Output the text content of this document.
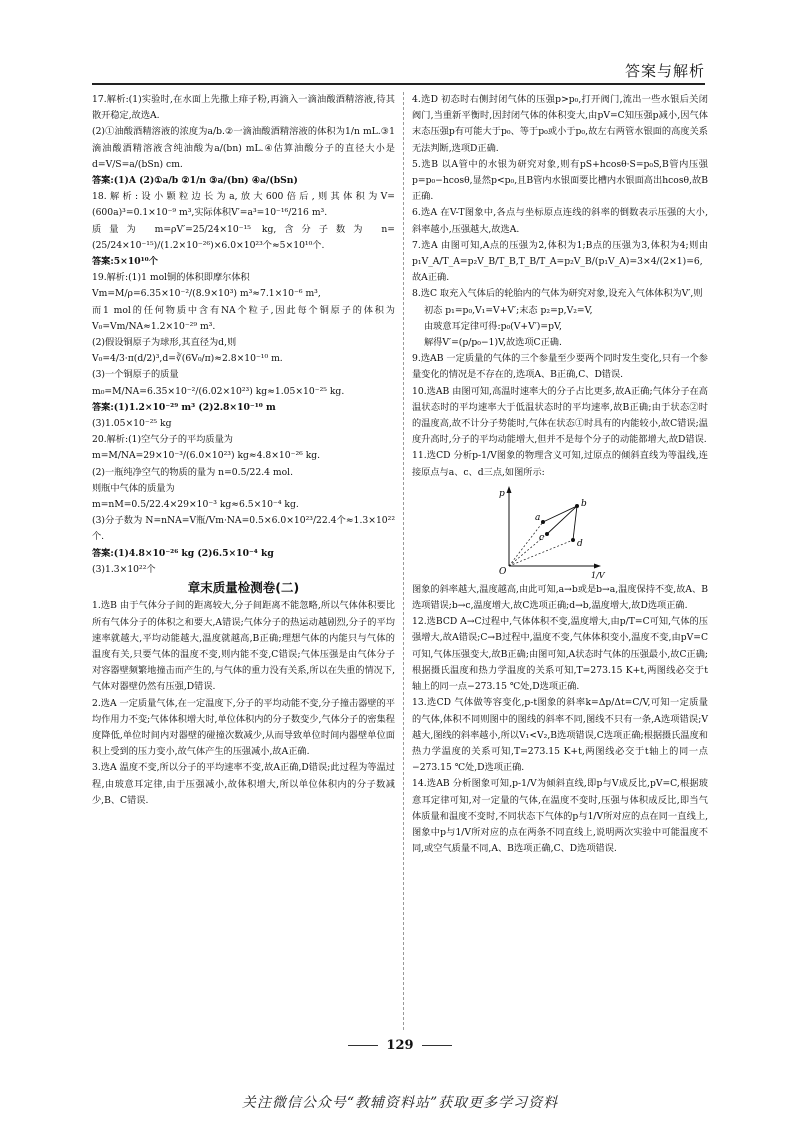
答案与解析

17.解析:(1)实验时,在水面上先撒上痱子粉,再滴入一滴油酸酒精溶液,待其散开稳定,故选A.

(2)①油酸酒精溶液的浓度为a/b.②一滴油酸酒精溶液的体积为1/n mL.③1滴油酸酒精溶液含纯油酸为a/(bn) mL.④估算油酸分子的直径大小是d=V/S=a/(bSn) cm.

答案:(1)A (2)①a/b ②1/n ③a/(bn) ④a/(bSn)

18.解析:设小颗粒边长为a,放大600倍后,则其体积为V=(600a)³=0.1×10⁻⁹ m³,实际体积V′=a³=10⁻¹⁶/216 m³.

质量为 m=ρV′=25/24×10⁻¹⁵ kg,含分子数为 n=(25/24×10⁻¹⁵)/(1.2×10⁻²⁶)×6.0×10²³个≈5×10¹⁰个.

答案:5×10¹⁰个

19.解析:(1)1 mol铜的体积即摩尔体积

Vm=M/ρ=6.35×10⁻²/(8.9×10³) m³≈7.1×10⁻⁶ m³,

而1 mol的任何物质中含有NA个粒子,因此每个铜原子的体积为V₀=Vm/NA≈1.2×10⁻²⁹ m³.

(2)假设铜原子为球形,其直径为d,则

V₀=4/3·π(d/2)³,d=∛(6V₀/π)≈2.8×10⁻¹⁰ m.

(3)一个铜原子的质量

m₀=M/NA=6.35×10⁻²/(6.02×10²³) kg≈1.05×10⁻²⁵ kg.

答案:(1)1.2×10⁻²⁹ m³ (2)2.8×10⁻¹⁰ m

(3)1.05×10⁻²⁵ kg

20.解析:(1)空气分子的平均质量为

m=M/NA=29×10⁻³/(6.0×10²³) kg≈4.8×10⁻²⁶ kg.

(2)一瓶纯净空气的物质的量为 n=0.5/22.4 mol.

则瓶中气体的质量为

m=nM=0.5/22.4×29×10⁻³ kg≈6.5×10⁻⁴ kg.

(3)分子数为 N=nNA=V瓶/Vm·NA=0.5×6.0×10²³/22.4个≈1.3×10²²个.

答案:(1)4.8×10⁻²⁶ kg (2)6.5×10⁻⁴ kg

(3)1.3×10²²个

章末质量检测卷(二)

1.选B 由于气体分子间的距离较大,分子间距离不能忽略,所以气体体积要比所有气体分子的体积之和要大,A错误;气体分子的热运动越剧烈,分子的平均速率就越大,平均动能越大,温度就越高,B正确;理想气体的内能只与气体的温度有关,只要气体的温度不变,则内能不变,C错误;气体压强是由气体分子对容器壁频繁地撞击而产生的,与气体的重力没有关系,所以在失重的情况下,气体对器壁仍然有压强,D错误.

2.选A 一定质量气体,在一定温度下,分子的平均动能不变,分子撞击器壁的平均作用力不变;气体体积增大时,单位体积内的分子数变少,气体分子的密集程度降低,单位时间内对器壁的碰撞次数减少,从而导致单位时间内器壁单位面积上受到的压力变小,故气体产生的压强减小,故A正确.

3.选A 温度不变,所以分子的平均速率不变,故A正确,D错误;此过程为等温过程,由玻意耳定律,由于压强减小,故体积增大,所以单位体积内的分子数减少,B、C错误.

4.选D 初态时右侧封闭气体的压强p>p₀,打开阀门,流出一些水银后关闭阀门,当重新平衡时,因封闭气体的体积变大,由pV=C知压强p减小,因气体末态压强p有可能大于p₀、等于p₀或小于p₀,故左右两管水银面的高度关系无法判断,选项D正确.

5.选B 以A管中的水银为研究对象,则有pS+hcosθ·S=p₀S,B管内压强p=p₀−hcosθ,显然p<p₀,且B管内水银面要比槽内水银面高出hcosθ,故B正确.

6.选A 在V-T图象中,各点与坐标原点连线的斜率的倒数表示压强的大小,斜率越小,压强越大,故选A.

7.选A 由图可知,A点的压强为2,体积为1;B点的压强为3,体积为4;则由p₁V_A/T_A=p₂V_B/T_B,T_B/T_A=p₂V_B/(p₁V_A)=3×4/(2×1)=6,故A正确.

8.选C 取充入气体后的轮胎内的气体为研究对象,设充入气体体积为V′,则

初态 p₁=p₀,V₁=V+V′;末态 p₂=p,V₂=V,

由玻意耳定律可得:p₀(V+V′)=pV,

解得V′=(p/p₀−1)V,故选项C正确.

9.选AB 一定质量的气体的三个参量至少要两个同时发生变化,只有一个参量变化的情况是不存在的,选项A、B正确,C、D错误.

10.选AB 由图可知,高温时速率大的分子占比更多,故A正确;气体分子在高温状态时的平均速率大于低温状态时的平均速率,故B正确;由于状态②时的温度高,故不计分子势能时,气体在状态①时具有的内能较小,故C错误;温度升高时,分子的平均动能增大,但并不是每个分子的动能都增大,故D错误.

11.选CD 分析p-1/V图象的物理含义可知,过原点的倾斜直线为等温线,连接原点与a、c、d三点,如图所示:

p
1/V
O
a
b
c
d

图象的斜率越大,温度越高,由此可知,a→b或是b→a,温度保持不变,故A、B选项错误;b→c,温度增大,故C选项正确;d→b,温度增大,故D选项正确.

12.选BCD A→C过程中,气体体积不变,温度增大,由p/T=C可知,气体的压强增大,故A错误;C→B过程中,温度不变,气体体积变小,温度不变,由pV=C可知,气体压强变大,故B正确;由图可知,A状态时气体的压强最小,故C正确;根据摄氏温度和热力学温度的关系可知,T=273.15 K+t,两图线必交于t轴上的同一点−273.15 ℃处,D选项正确.

13.选CD 气体做等容变化,p-t图象的斜率k=Δp/Δt=C/V,可知一定质量的气体,体积不同则图中的图线的斜率不同,图线不只有一条,A选项错误;V越大,图线的斜率越小,所以V₁<V₂,B选项错误,C选项正确;根据摄氏温度和热力学温度的关系可知,T=273.15 K+t,两图线必交于t轴上的同一点−273.15 ℃处,D选项正确.

14.选AB 分析图象可知,p-1/V为倾斜直线,即p与V成反比,pV=C,根据玻意耳定律可知,对一定量的气体,在温度不变时,压强与体积成反比,即当气体质量和温度不变时,不同状态下气体的p与1/V所对应的点在同一直线上,图象中p与1/V所对应的点在两条不同直线上,说明两次实验中可能温度不同,或空气质量不同,A、B选项正确,C、D选项错误.

129
关注微信公众号“教辅资料站”获取更多学习资料
